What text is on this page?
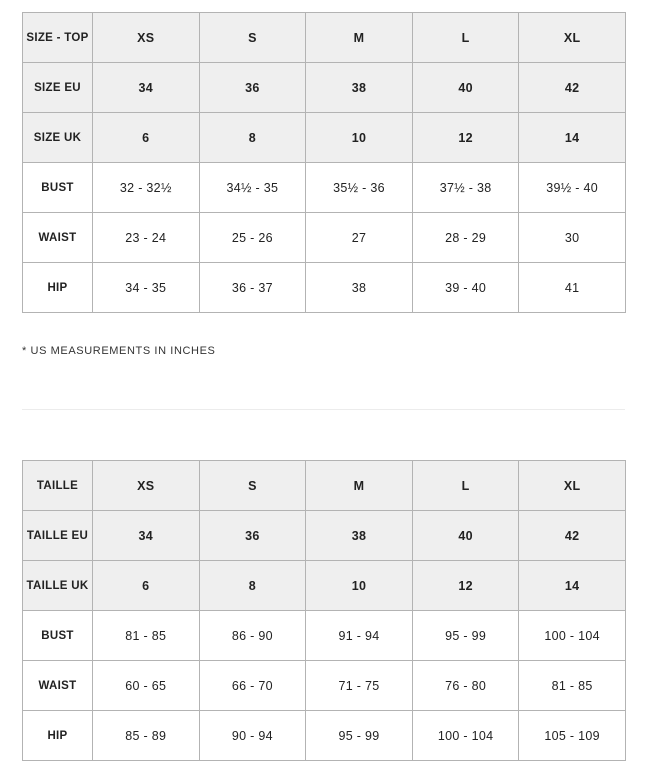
SIZE - TOP	XS	S	M	L	XL
SIZE EU	34	36	38	40	42
SIZE UK	6	8	10	12	14
BUST	32 - 32½	34½ - 35	35½ - 36	37½ - 38	39½ - 40
WAIST	23 - 24	25 - 26	27	28 - 29	30
HIP	34 - 35	36 - 37	38	39 - 40	41
* US MEASUREMENTS IN INCHES
TAILLE	XS	S	M	L	XL
TAILLE EU	34	36	38	40	42
TAILLE UK	6	8	10	12	14
BUST	81 - 85	86 - 90	91 - 94	95 - 99	100 - 104
WAIST	60 - 65	66 - 70	71 - 75	76 - 80	81 - 85
HIP	85 - 89	90 - 94	95 - 99	100 - 104	105 - 109
